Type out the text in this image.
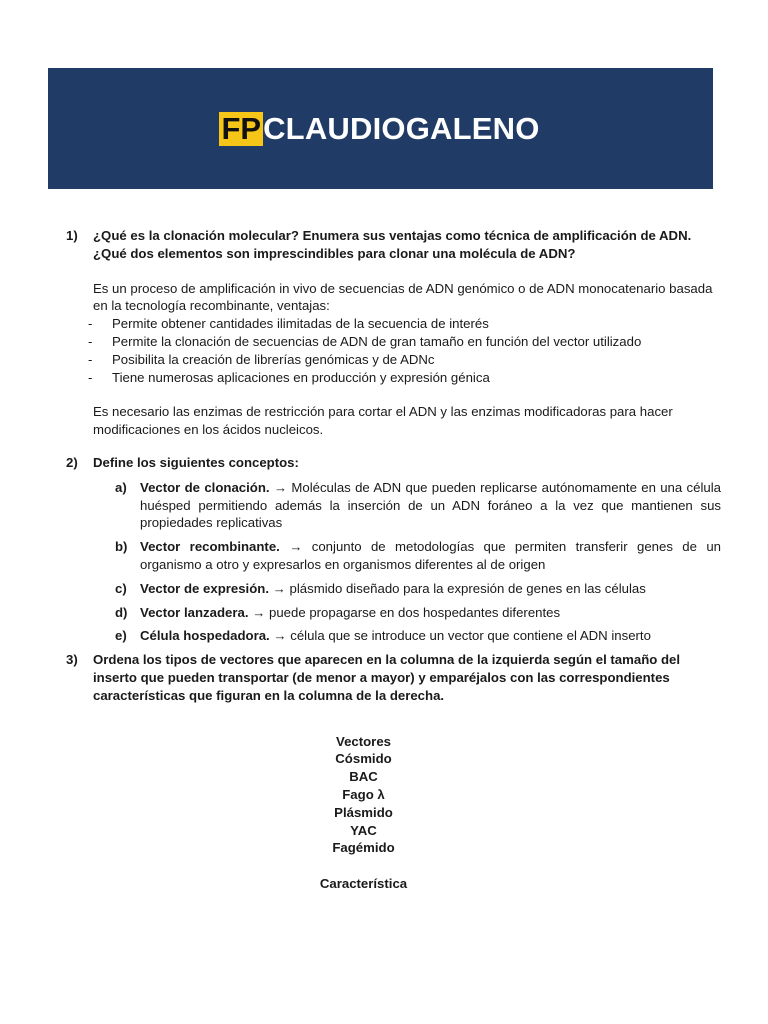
FP CLAUDIOGALENO
1)	¿Qué es la clonación molecular? Enumera sus ventajas como técnica de amplificación de ADN.
¿Qué dos elementos son imprescindibles para clonar una molécula de ADN?
Es un proceso de amplificación in vivo de secuencias de ADN genómico o de ADN monocatenario basada en la tecnología recombinante, ventajas:
-	Permite obtener cantidades ilimitadas de la secuencia de interés
-	Permite la clonación de secuencias de ADN de gran tamaño en función del vector utilizado
-	Posibilita la creación de librerías genómicas y de ADNc
-	Tiene numerosas aplicaciones en producción y expresión génica
Es necesario las enzimas de restricción para cortar el ADN y las enzimas modificadoras para hacer modificaciones en los ácidos nucleicos.
2)	Define los siguientes conceptos:
a)	Vector de clonación. → Moléculas de ADN que pueden replicarse autónomamente en una célula huésped permitiendo además la inserción de un ADN foráneo a la vez que mantienen sus propiedades replicativas
b) Vector recombinante. → conjunto de metodologías que permiten transferir genes de un organismo a otro y expresarlos en organismos diferentes al de origen
c)	Vector de expresión. → plásmido diseñado para la expresión de genes en las células
d) Vector lanzadera. → puede propagarse en dos hospedantes diferentes
e)	Célula hospedadora. → célula que se introduce un vector que contiene el ADN inserto
3)	Ordena los tipos de vectores que aparecen en la columna de la izquierda según el tamaño del inserto que pueden transportar (de menor a mayor) y emparéjalos con las correspondientes características que figuran en la columna de la derecha.
Vectores
Cósmido
BAC
Fago λ
Plásmido
YAC
Fagémido
Característica
